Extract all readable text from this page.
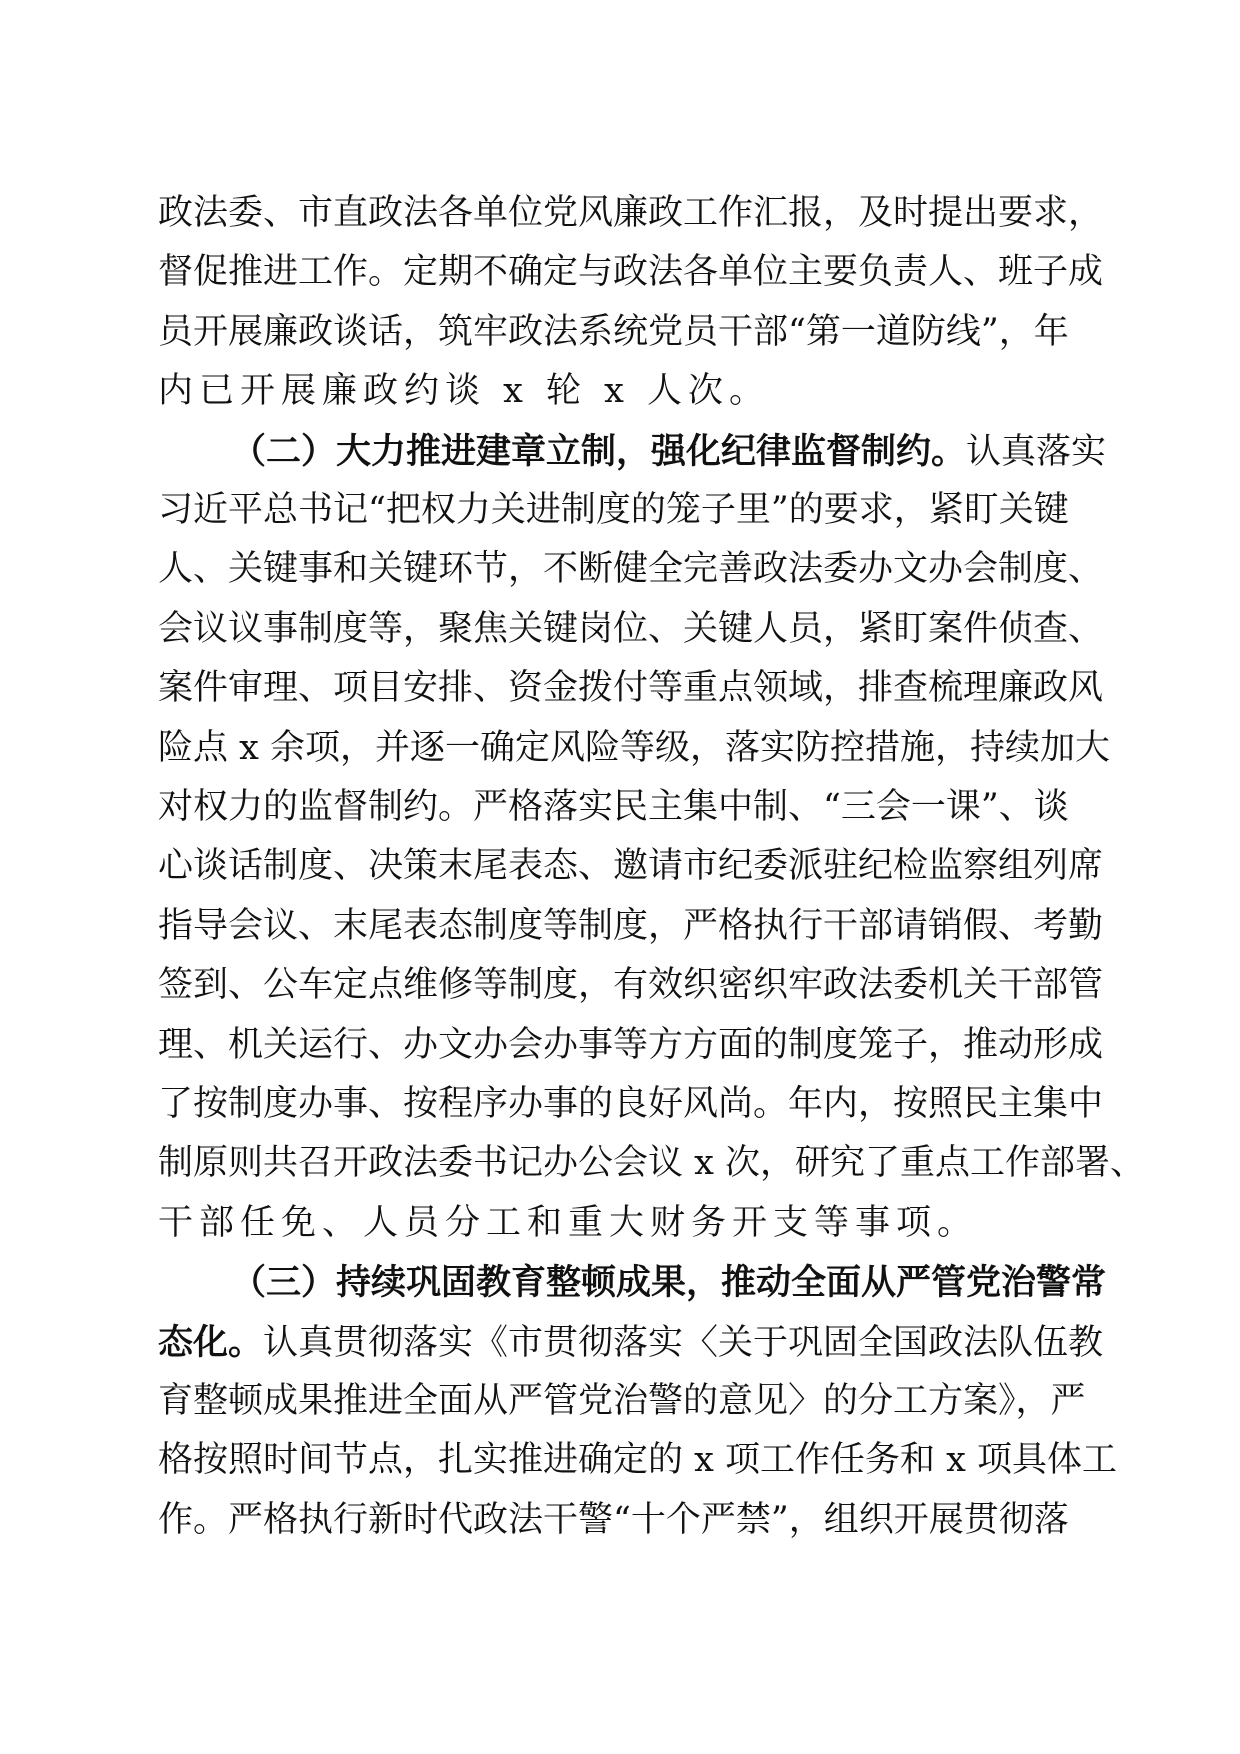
政法委、市直政法各单位党风廉政工作汇报，及时提出要求，
督促推进工作。定期不确定与政法各单位主要负责人、班子成
员开展廉政谈话，筑牢政法系统党员干部“第一道防线”，年
内已开展廉政约谈 x 轮 x 人次。
（二）大力推进建章立制，强化纪律监督制约。认真落实
习近平总书记“把权力关进制度的笼子里”的要求，紧盯关键
人、关键事和关键环节，不断健全完善政法委办文办会制度、
会议议事制度等，聚焦关键岗位、关键人员，紧盯案件侦查、
案件审理、项目安排、资金拨付等重点领域，排查梳理廉政风
险点 x 余项，并逐一确定风险等级，落实防控措施，持续加大
对权力的监督制约。严格落实民主集中制、“三会一课”、谈
心谈话制度、决策末尾表态、邀请市纪委派驻纪检监察组列席
指导会议、末尾表态制度等制度，严格执行干部请销假、考勤
签到、公车定点维修等制度，有效织密织牢政法委机关干部管
理、机关运行、办文办会办事等方方面的制度笼子，推动形成
了按制度办事、按程序办事的良好风尚。年内，按照民主集中
制原则共召开政法委书记办公会议 x 次，研究了重点工作部署、
干部任免、人员分工和重大财务开支等事项。
（三）持续巩固教育整顿成果，推动全面从严管党治警常
态化。认真贯彻落实《市贯彻落实〈关于巩固全国政法队伍教
育整顿成果推进全面从严管党治警的意见〉的分工方案》，严
格按照时间节点，扎实推进确定的 x 项工作任务和 x 项具体工
作。严格执行新时代政法干警“十个严禁”，组织开展贯彻落
